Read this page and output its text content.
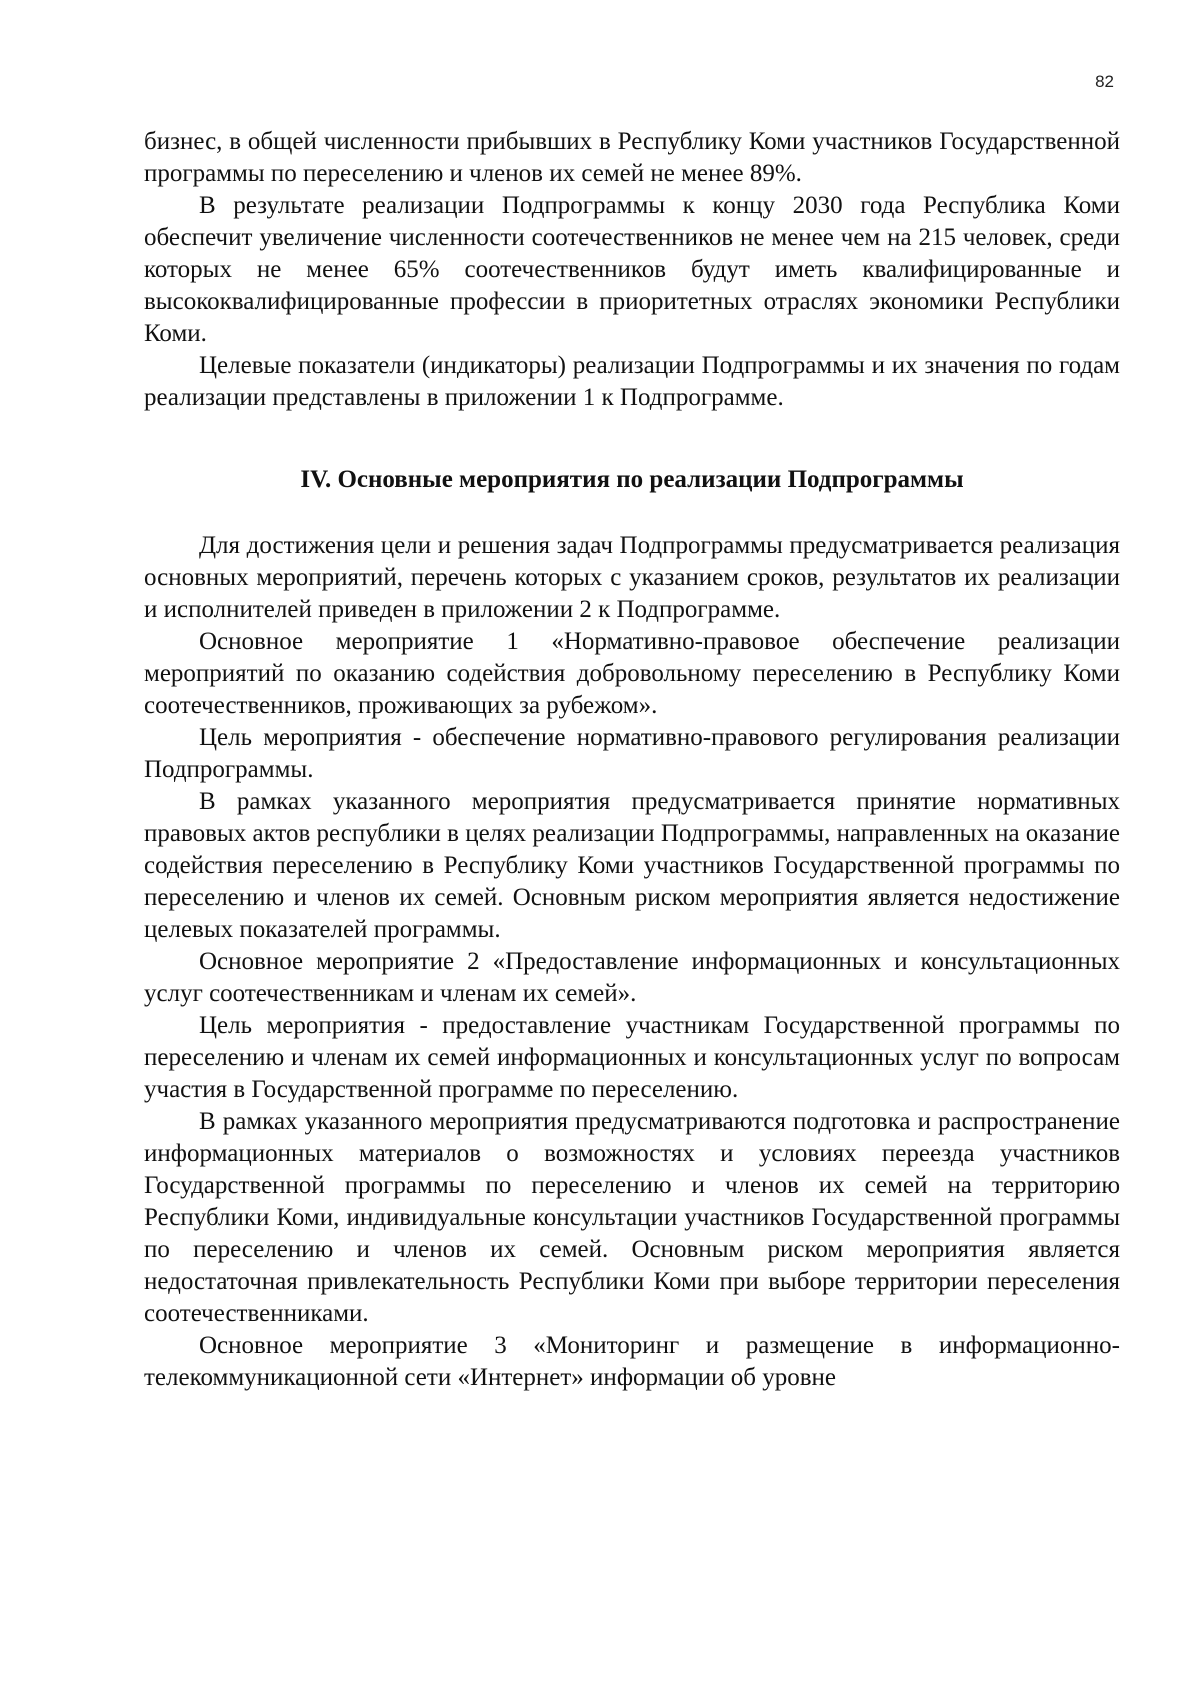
82

бизнес, в общей численности прибывших в Республику Коми участников Государственной программы по переселению и членов их семей не менее 89%.

В результате реализации Подпрограммы к концу 2030 года Республика Коми обеспечит увеличение численности соотечественников не менее чем на 215 человек, среди которых не менее 65% соотечественников будут иметь квалифицированные и высококвалифицированные профессии в приоритетных отраслях экономики Республики Коми.

Целевые показатели (индикаторы) реализации Подпрограммы и их значения по годам реализации представлены в приложении 1 к Подпрограмме.

IV. Основные мероприятия по реализации Подпрограммы

Для достижения цели и решения задач Подпрограммы предусматривается реализация основных мероприятий, перечень которых с указанием сроков, результатов их реализации и исполнителей приведен в приложении 2 к Подпрограмме.

Основное мероприятие 1 «Нормативно-правовое обеспечение реализации мероприятий по оказанию содействия добровольному переселению в Республику Коми соотечественников, проживающих за рубежом».

Цель мероприятия - обеспечение нормативно-правового регулирования реализации Подпрограммы.

В рамках указанного мероприятия предусматривается принятие нормативных правовых актов республики в целях реализации Подпрограммы, направленных на оказание содействия переселению в Республику Коми участников Государственной программы по переселению и членов их семей. Основным риском мероприятия является недостижение целевых показателей программы.

Основное мероприятие 2 «Предоставление информационных и консультационных услуг соотечественникам и членам их семей».

Цель мероприятия - предоставление участникам Государственной программы по переселению и членам их семей информационных и консультационных услуг по вопросам участия в Государственной программе по переселению.

В рамках указанного мероприятия предусматриваются подготовка и распространение информационных материалов о возможностях и условиях переезда участников Государственной программы по переселению и членов их семей на территорию Республики Коми, индивидуальные консультации участников Государственной программы по переселению и членов их семей. Основным риском мероприятия является недостаточная привлекательность Республики Коми при выборе территории переселения соотечественниками.

Основное мероприятие 3 «Мониторинг и размещение в информационно-телекоммуникационной сети «Интернет» информации об уровне
